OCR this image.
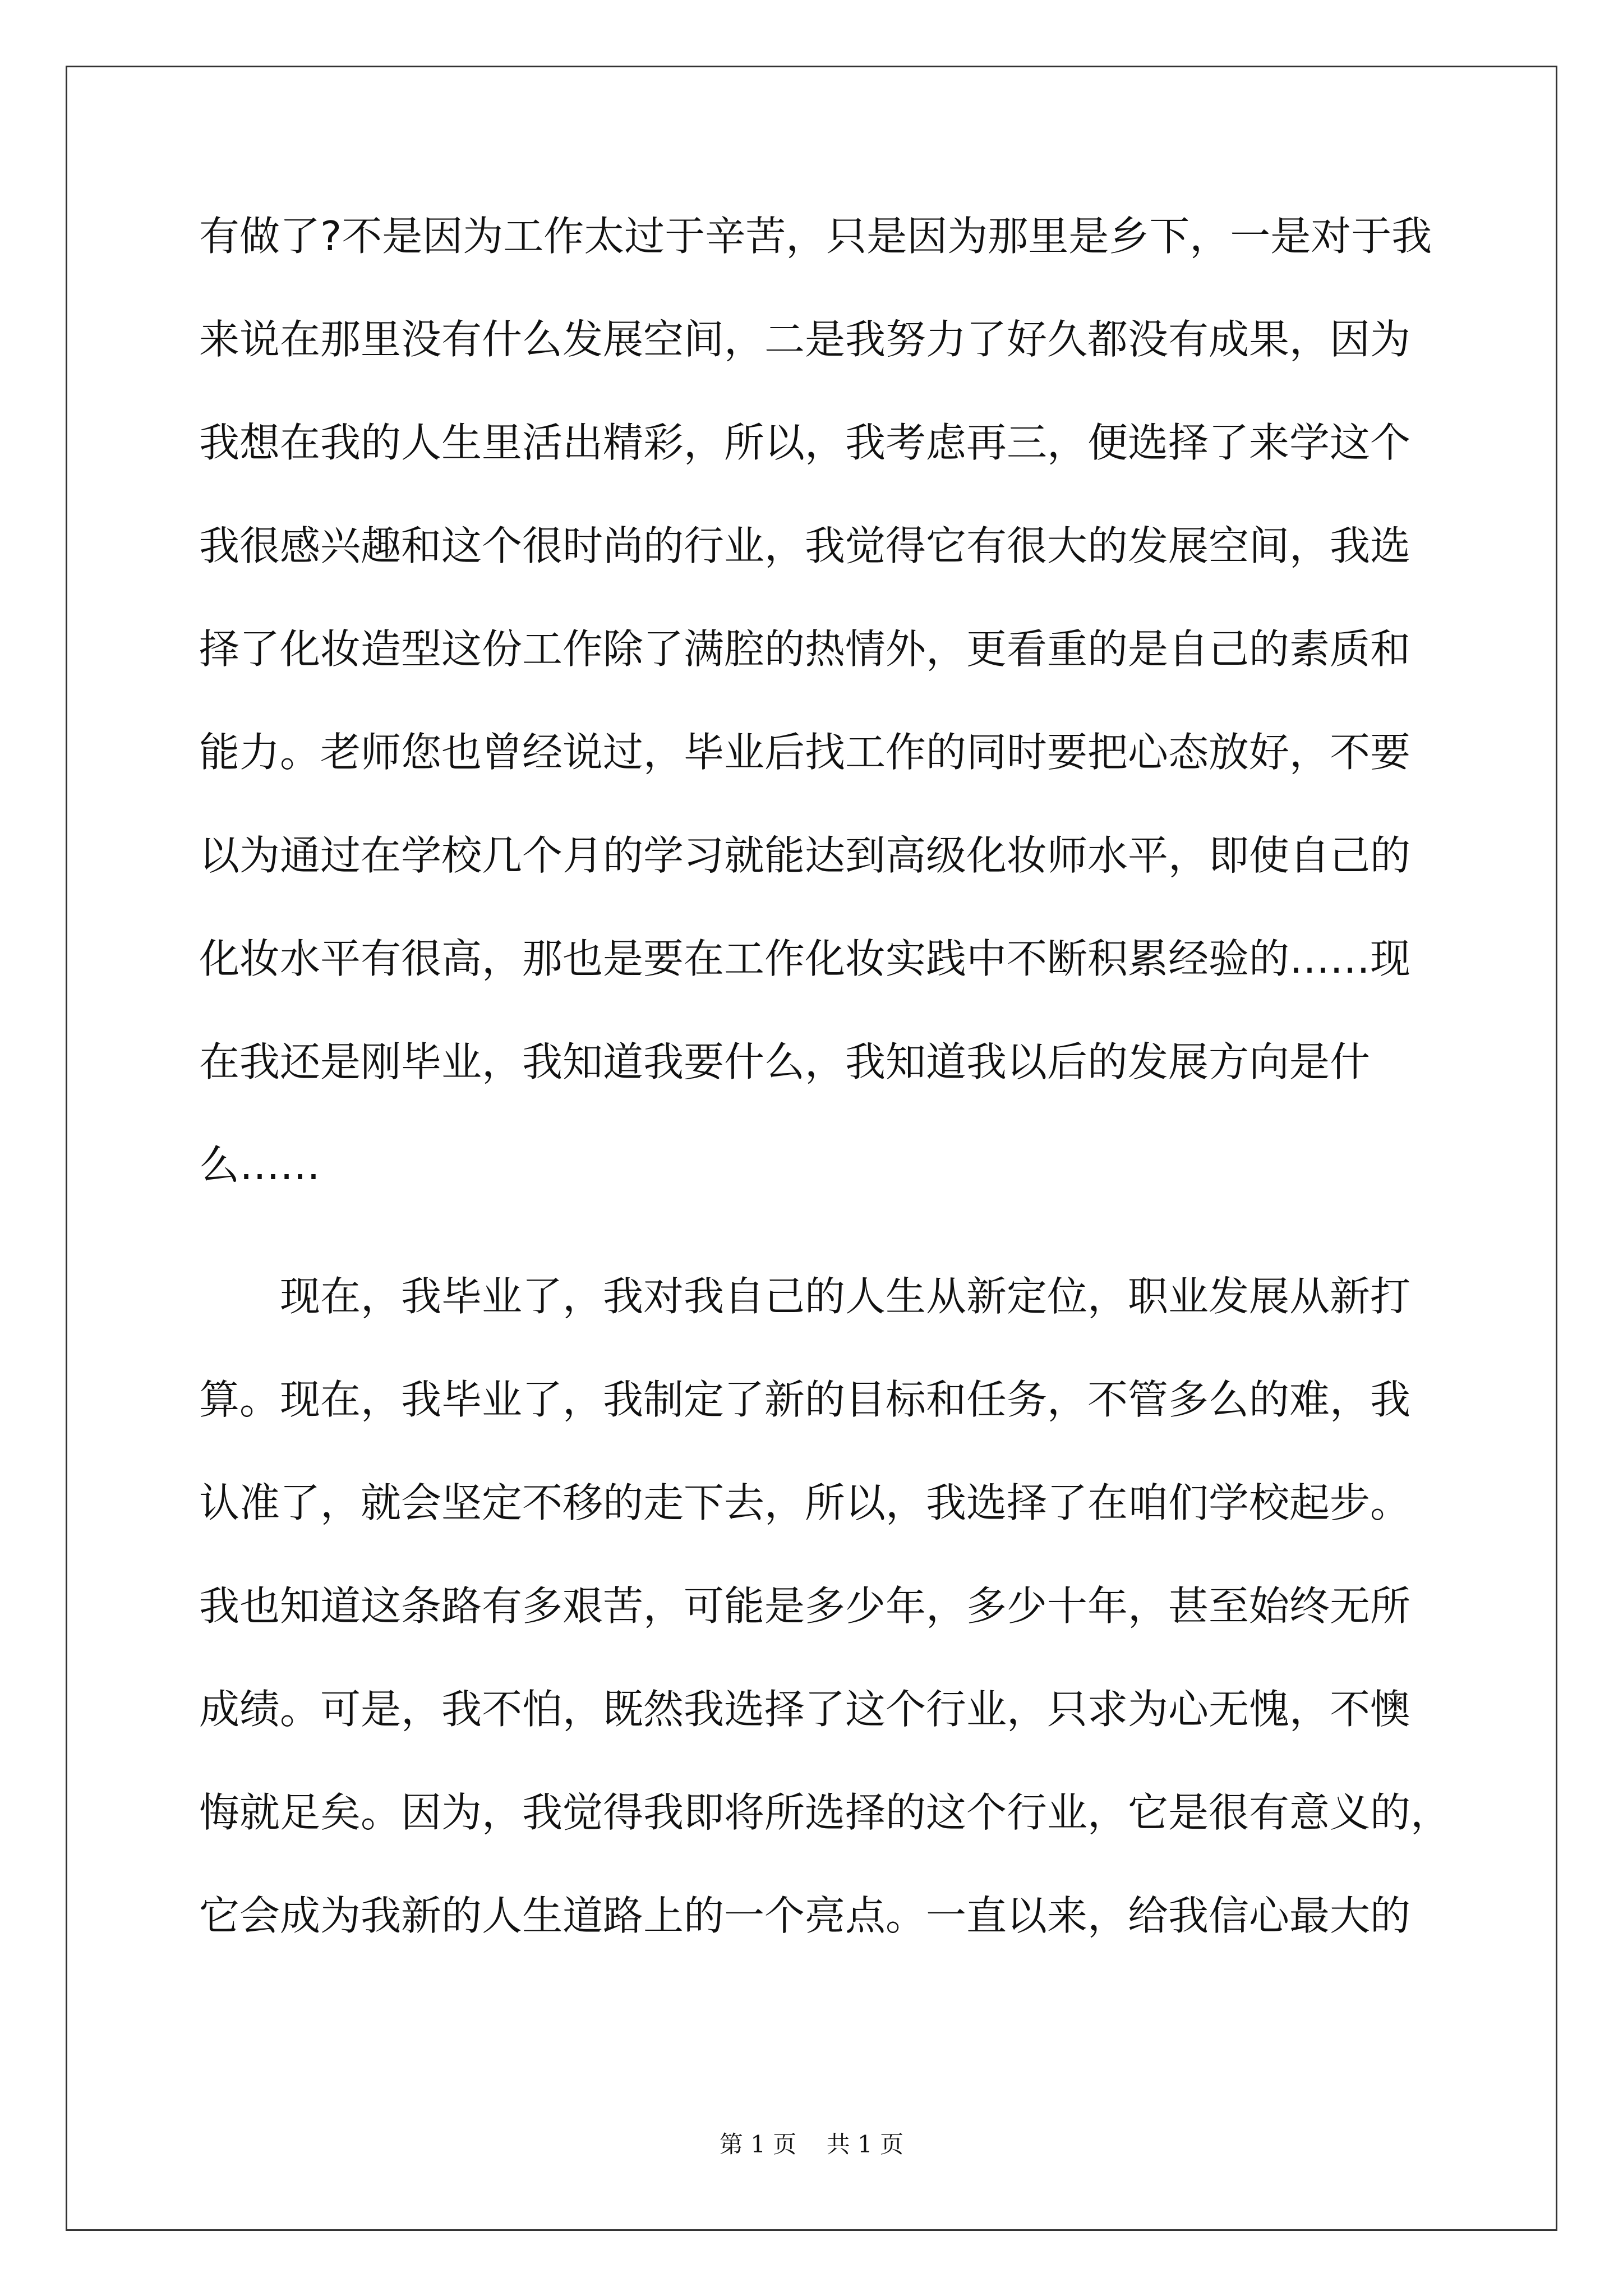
有做了?不是因为工作太过于辛苦，只是因为那里是乡下，一是对于我
来说在那里没有什么发展空间，二是我努力了好久都没有成果，因为
我想在我的人生里活出精彩，所以，我考虑再三，便选择了来学这个
我很感兴趣和这个很时尚的行业，我觉得它有很大的发展空间，我选
择了化妆造型这份工作除了满腔的热情外，更看重的是自己的素质和
能力。老师您也曾经说过，毕业后找工作的同时要把心态放好，不要
以为通过在学校几个月的学习就能达到高级化妆师水平，即使自己的
化妆水平有很高，那也是要在工作化妆实践中不断积累经验的……现
在我还是刚毕业，我知道我要什么，我知道我以后的发展方向是什
么……
现在，我毕业了，我对我自己的人生从新定位，职业发展从新打
算。现在，我毕业了，我制定了新的目标和任务，不管多么的难，我
认准了，就会坚定不移的走下去，所以，我选择了在咱们学校起步。
我也知道这条路有多艰苦，可能是多少年，多少十年，甚至始终无所
成绩。可是，我不怕，既然我选择了这个行业，只求为心无愧，不懊
悔就足矣。因为，我觉得我即将所选择的这个行业，它是很有意义的，
它会成为我新的人生道路上的一个亮点。一直以来，给我信心最大的
第 1 页    共 1 页
